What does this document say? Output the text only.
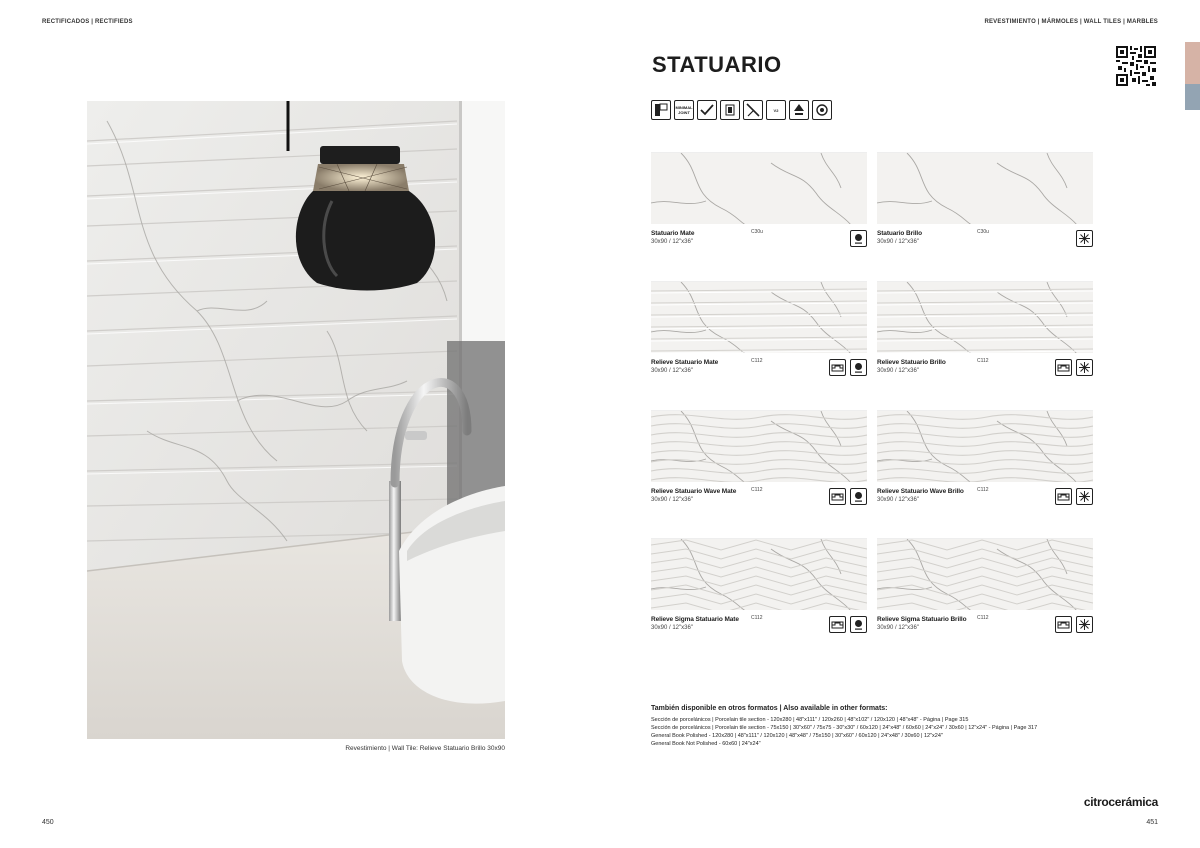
RECTIFICADOS | RECTIFIEDS	REVESTIMIENTO | MÁRMOLES | WALL TILES | MARBLES
Revestimiento | Wall Tile: Relieve Statuario Brillo 30x90
STATUARIO
MINIMAL JOINT	V2
Statuario Mate
30x90 / 12"x36"
C30u	Statuario Brillo
30x90 / 12"x36"
C30u
Relieve Statuario Mate
30x90 / 12"x36"
C112	Relieve Statuario Brillo
30x90 / 12"x36"
C112
Relieve Statuario Wave Mate
30x90 / 12"x36"
C112	Relieve Statuario Wave Brillo
30x90 / 12"x36"
C112
Relieve Sigma Statuario Mate
30x90 / 12"x36"
C112	Relieve Sigma Statuario Brillo
30x90 / 12"x36"
C112
También disponible en otros formatos | Also available in other formats:
Sección de porcelánicos | Porcelain tile section - 120x280 | 48"x111" / 120x260 | 48"x102" / 120x120 | 48"x48" - Página | Page 315
Sección de porcelánicos | Porcelain tile section - 75x150 | 30"x60" / 75x75 - 30"x30" / 60x120 | 24"x48" / 60x60 | 24"x24" / 30x60 | 12"x24" - Página | Page 317
General Book Polished - 120x280 | 48"x111" / 120x120 | 48"x48" / 75x150 | 30"x60" / 60x120 | 24"x48" / 30x60 | 12"x24"
General Book Not Polished - 60x60 | 24"x24"
citrocerámica
450	451
